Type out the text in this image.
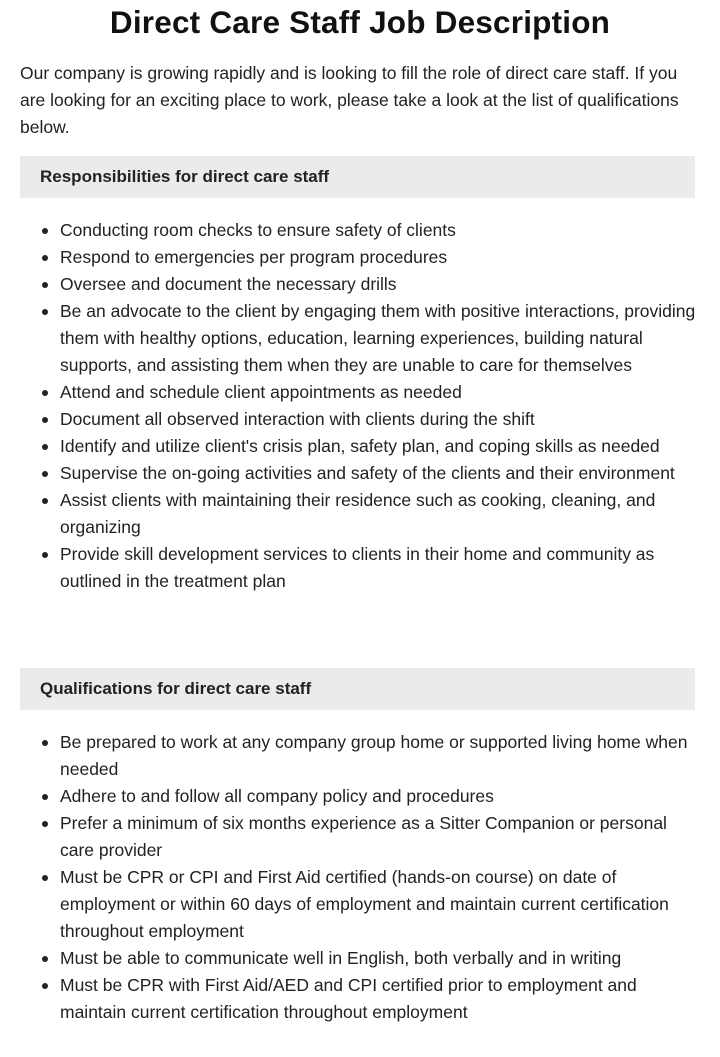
Direct Care Staff Job Description

Our company is growing rapidly and is looking to fill the role of direct care staff. If you are looking for an exciting place to work, please take a look at the list of qualifications below.

Responsibilities for direct care staff
Conducting room checks to ensure safety of clients
Respond to emergencies per program procedures
Oversee and document the necessary drills
Be an advocate to the client by engaging them with positive interactions, providing them with healthy options, education, learning experiences, building natural supports, and assisting them when they are unable to care for themselves
Attend and schedule client appointments as needed
Document all observed interaction with clients during the shift
Identify and utilize client's crisis plan, safety plan, and coping skills as needed
Supervise the on-going activities and safety of the clients and their environment
Assist clients with maintaining their residence such as cooking, cleaning, and organizing
Provide skill development services to clients in their home and community as outlined in the treatment plan
Qualifications for direct care staff
Be prepared to work at any company group home or supported living home when needed
Adhere to and follow all company policy and procedures
Prefer a minimum of six months experience as a Sitter Companion or personal care provider
Must be CPR or CPI and First Aid certified (hands-on course) on date of employment or within 60 days of employment and maintain current certification throughout employment
Must be able to communicate well in English, both verbally and in writing
Must be CPR with First Aid/AED and CPI certified prior to employment and maintain current certification throughout employment
